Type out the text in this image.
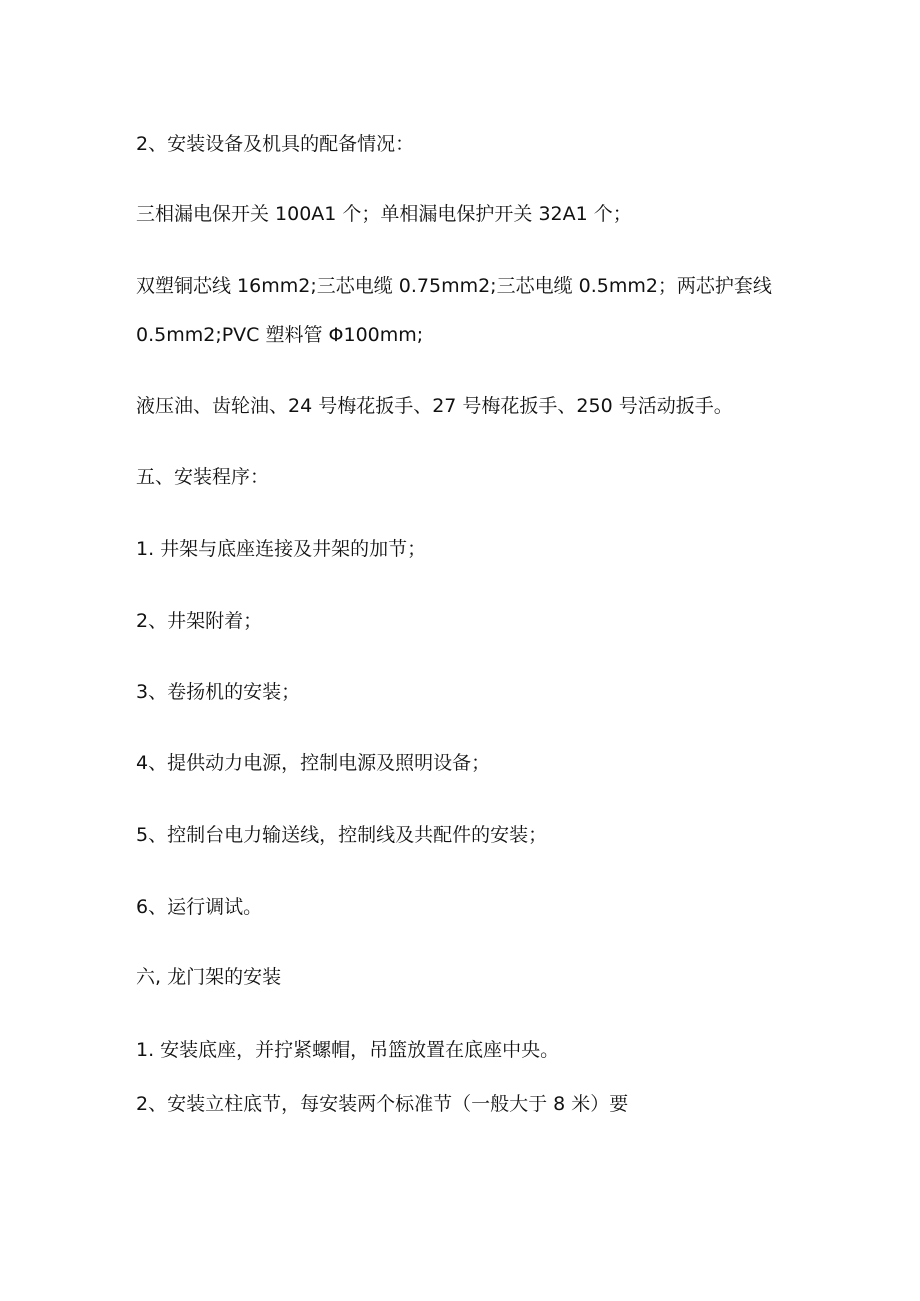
2、安装设备及机具的配备情况：
三相漏电保开关 100A1 个；单相漏电保护开关 32A1 个；
双塑铜芯线 16mm2;三芯电缆 0.75mm2;三芯电缆 0.5mm2；两芯护套线
0.5mm2;PVC 塑料管 Φ100mm;
液压油、齿轮油、24 号梅花扳手、27 号梅花扳手、250 号活动扳手。
五、安装程序：
1. 井架与底座连接及井架的加节；
2、井架附着；
3、卷扬机的安装；
4、提供动力电源，控制电源及照明设备；
5、控制台电力输送线，控制线及共配件的安装；
6、运行调试。
六, 龙门架的安装
1. 安装底座，并拧紧螺帽，吊篮放置在底座中央。
2、安装立柱底节，每安装两个标准节（一般大于 8 米）要
